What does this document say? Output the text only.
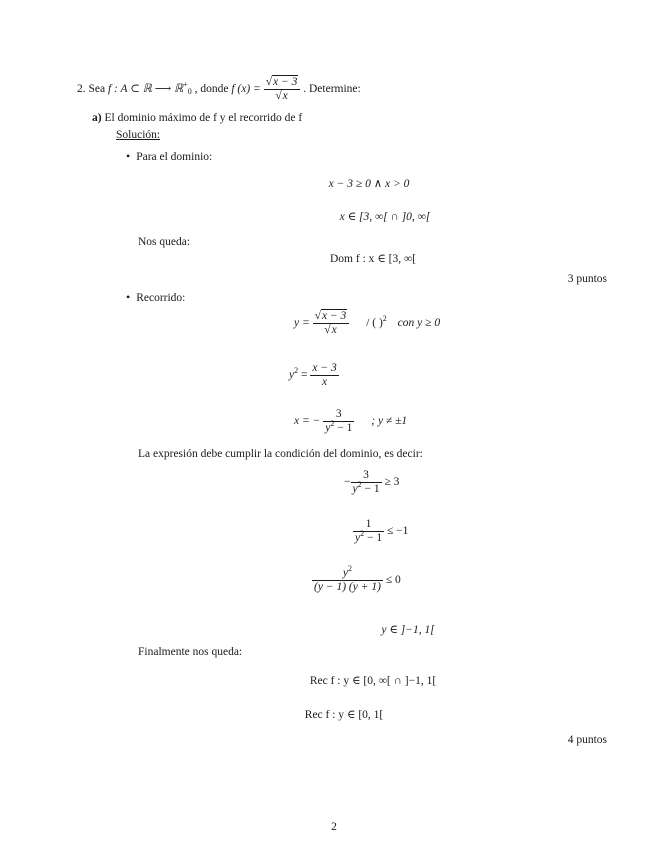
2. Sea f : A ⊂ ℝ ⟶ ℝ+$_0$ , donde f $(x) = \frac{√x - 3}{√x}$ . Determine:
a) El dominio máximo de f y el recorrido de f
Solución:
• Para el dominio:
x − 3 ≥ 0 ∧ x > 0
x ∈ [3, ∞[ ∩ ]0, ∞[
Nos queda:
Dom f : x ∈ [3, ∞[
3 puntos
• Recorrido:
$y = \frac{√x - 3}{√x}$ / ( )$^2$ con y ≥ 0
$y^2 = \frac{x - 3}{x}$
x = − $\frac{3}{y^2 - 1}$ ; y ≠ ±1
La expresión debe cumplir la condición del dominio, es decir:
− $\frac{3}{y^2 - 1} \ge 3$
$\frac{1}{y^2 - 1} \le -1$
$\frac{y^2}{(y - 1) (y + 1)} \le 0$
y ∈ ]−1, 1[
Finalmente nos queda:
Rec f : y ∈ [0, ∞[ ∩ ]−1, 1[
Rec f : y ∈ [0, 1[
4 puntos
2
